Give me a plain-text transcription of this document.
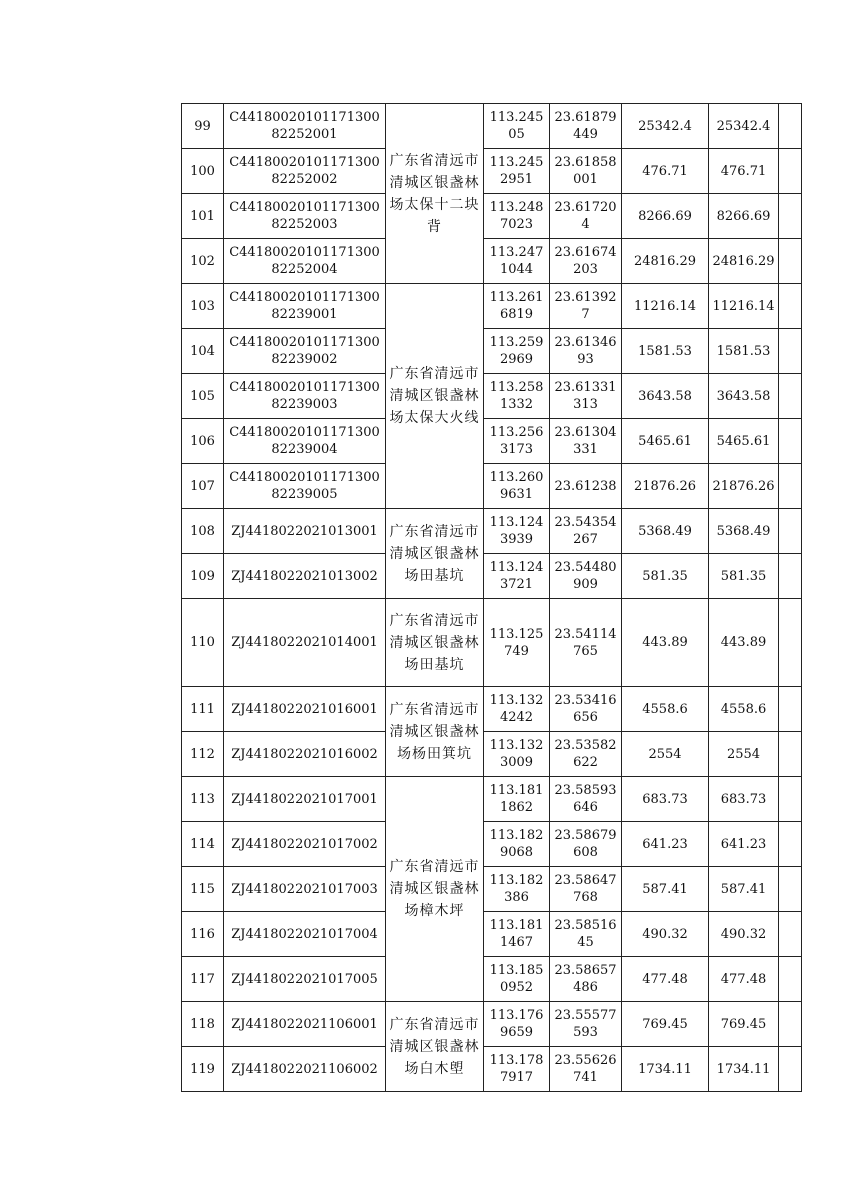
99	C4418002010117130082252001	广东省清远市清城区银盏林场太保十二块背	113.24505	23.61879449	25342.4	25342.4	
100	C4418002010117130082252002		113.2452951	23.61858001	476.71	476.71	
101	C4418002010117130082252003		113.2487023	23.617204	8266.69	8266.69	
102	C4418002010117130082252004		113.2471044	23.61674203	24816.29	24816.29	
103	C4418002010117130082239001	广东省清远市清城区银盏林场太保大火线	113.2616819	23.613927	11216.14	11216.14	
104	C4418002010117130082239002		113.2592969	23.6134693	1581.53	1581.53	
105	C4418002010117130082239003		113.2581332	23.61331313	3643.58	3643.58	
106	C4418002010117130082239004		113.2563173	23.61304331	5465.61	5465.61	
107	C4418002010117130082239005		113.2609631	23.61238	21876.26	21876.26	
108	ZJ4418022021013001	广东省清远市清城区银盏林场田基坑	113.1243939	23.54354267	5368.49	5368.49	
109	ZJ4418022021013002		113.1243721	23.54480909	581.35	581.35	
110	ZJ4418022021014001	广东省清远市清城区银盏林场田基坑	113.125749	23.54114765	443.89	443.89	
111	ZJ4418022021016001	广东省清远市清城区银盏林场杨田箕坑	113.1324242	23.53416656	4558.6	4558.6	
112	ZJ4418022021016002		113.1323009	23.53582622	2554	2554	
113	ZJ4418022021017001	广东省清远市清城区银盏林场樟木坪	113.1811862	23.58593646	683.73	683.73	
114	ZJ4418022021017002		113.1829068	23.58679608	641.23	641.23	
115	ZJ4418022021017003		113.182386	23.58647768	587.41	587.41	
116	ZJ4418022021017004		113.1811467	23.5851645	490.32	490.32	
117	ZJ4418022021017005		113.1850952	23.58657486	477.48	477.48	
118	ZJ4418022021106001	广东省清远市清城区银盏林场白木塱	113.1769659	23.55577593	769.45	769.45	
119	ZJ4418022021106002		113.1787917	23.55626741	1734.11	1734.11	
